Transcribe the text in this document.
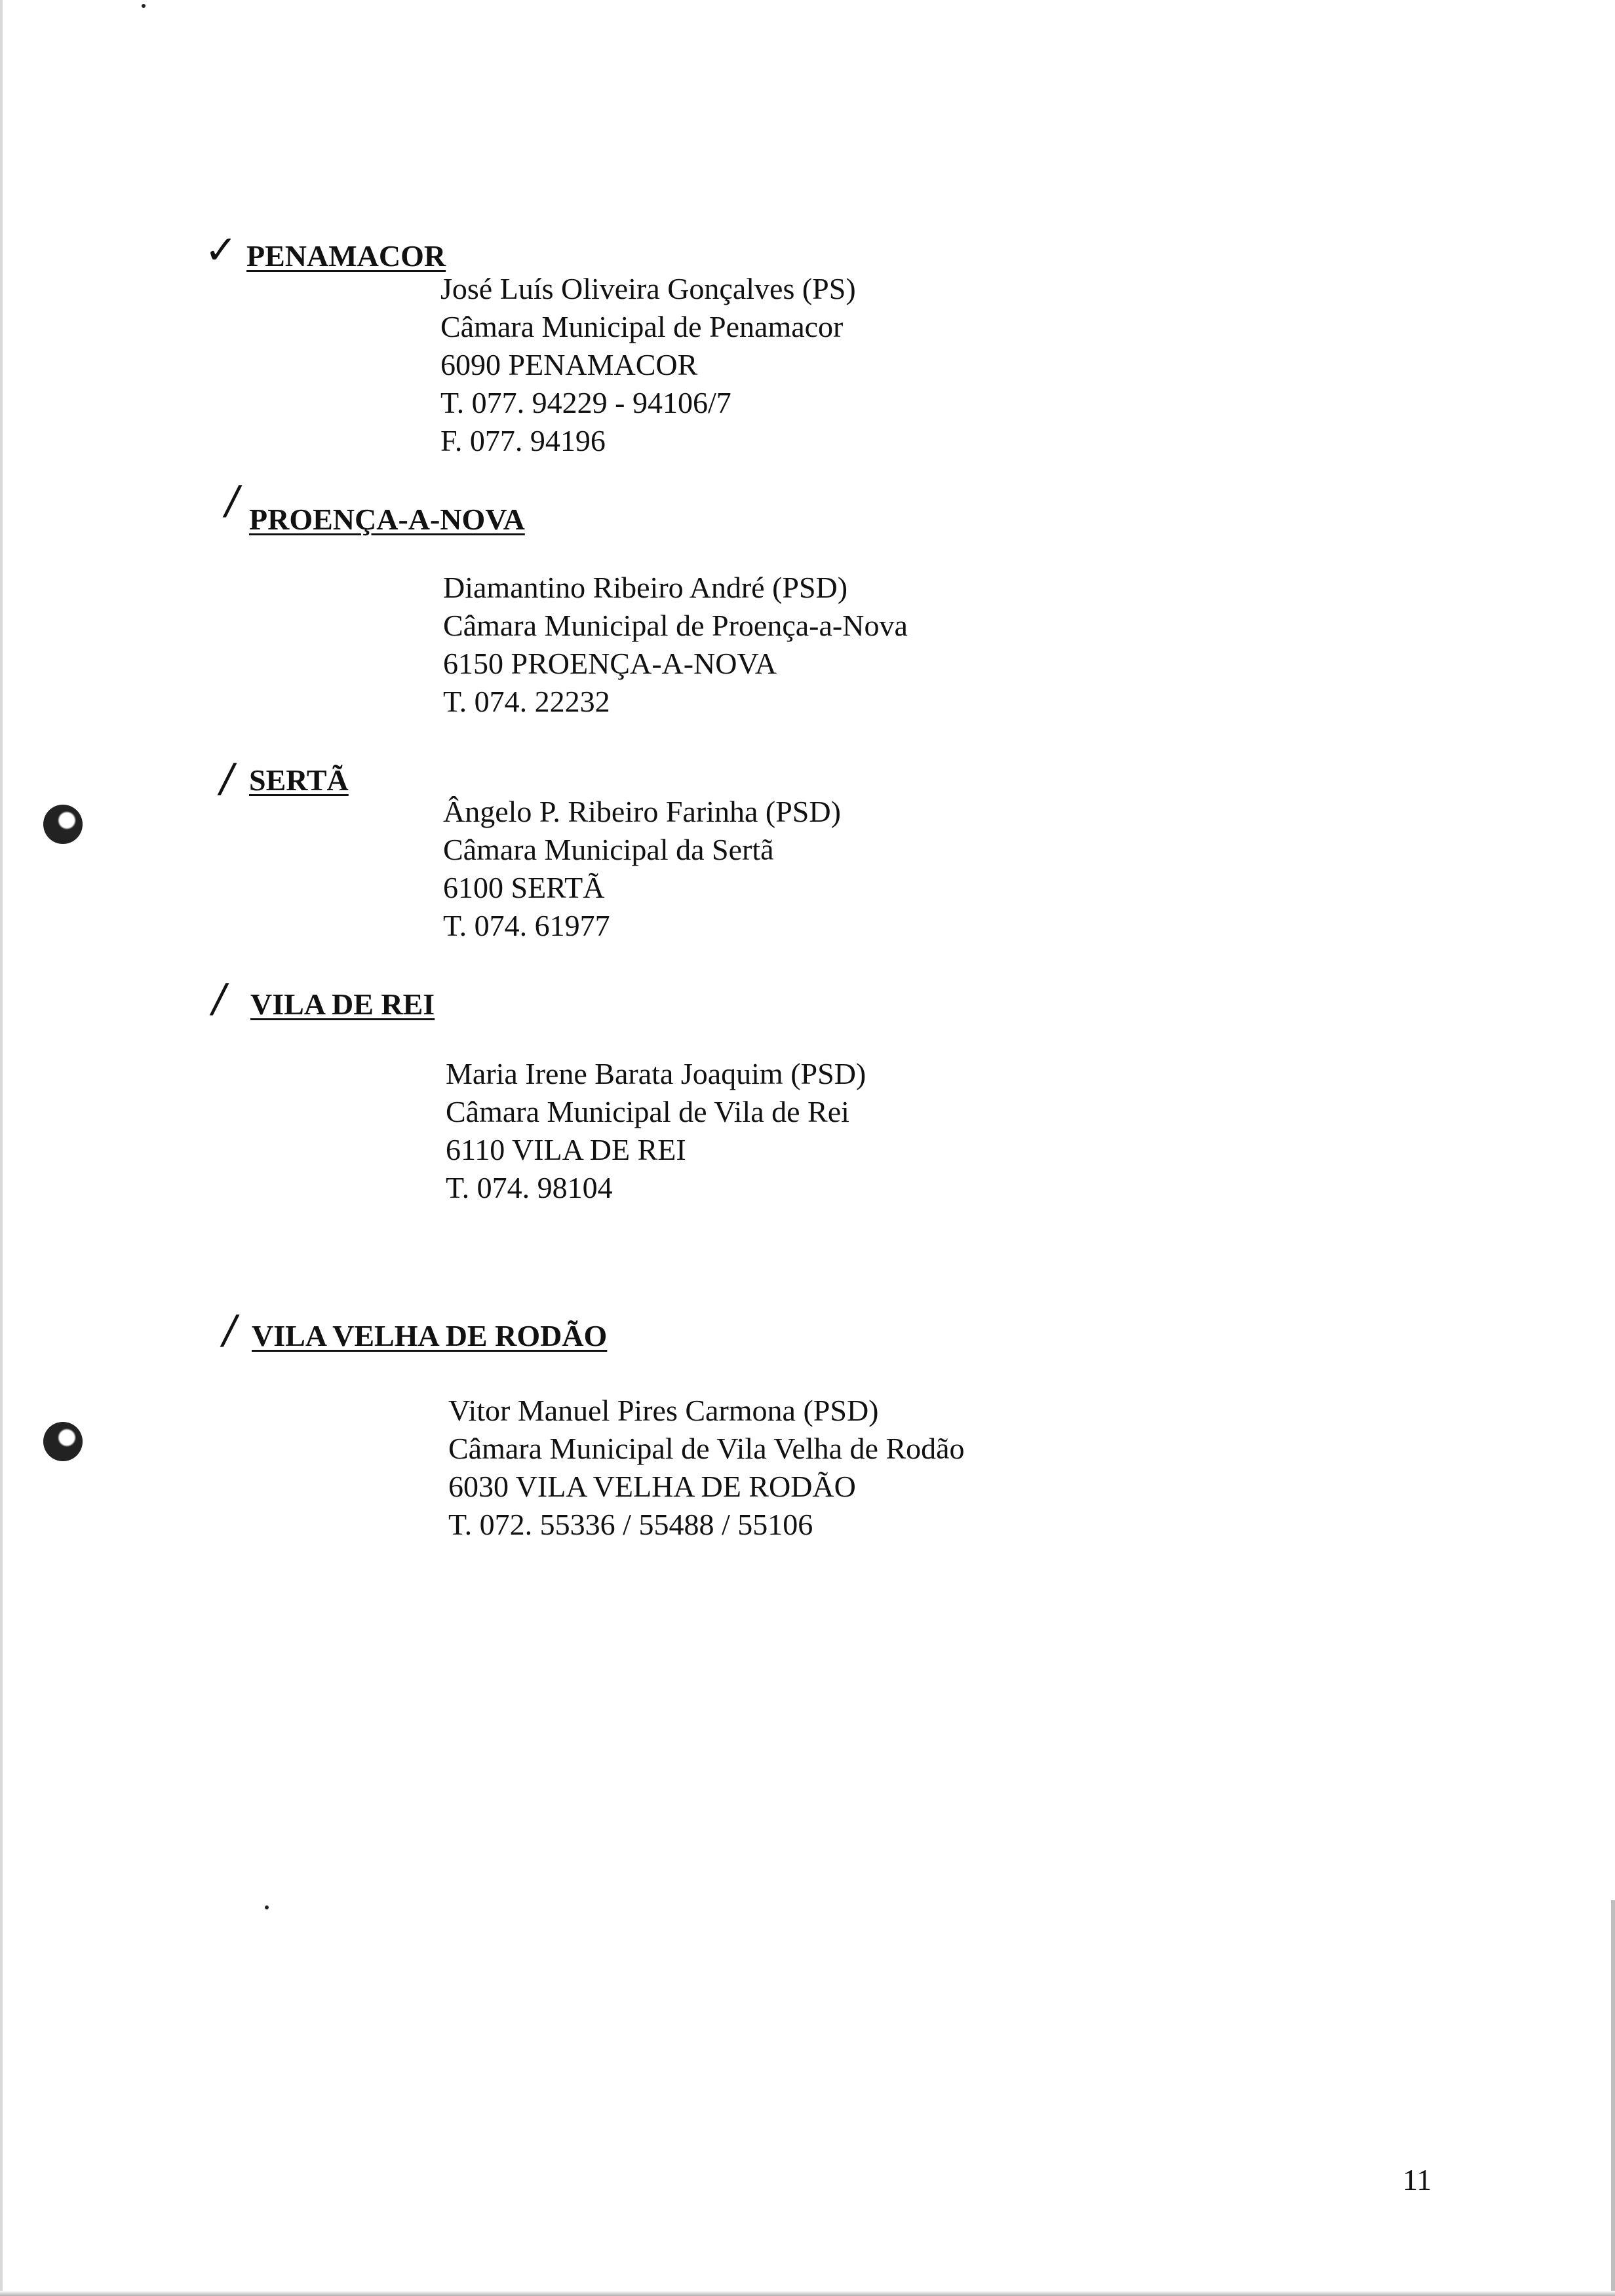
✓ PENAMACOR
José Luís Oliveira Gonçalves (PS)
Câmara Municipal de Penamacor
6090 PENAMACOR
T. 077. 94229 - 94106/7
F. 077. 94196
/ PROENÇA-A-NOVA
Diamantino Ribeiro André (PSD)
Câmara Municipal de Proença-a-Nova
6150 PROENÇA-A-NOVA
T. 074. 22232
/ SERTÃ
Ângelo P. Ribeiro Farinha (PSD)
Câmara Municipal da Sertã
6100 SERTÃ
T. 074. 61977
/ VILA DE REI
Maria Irene Barata Joaquim (PSD)
Câmara Municipal de Vila de Rei
6110 VILA DE REI
T. 074. 98104
/ VILA VELHA DE RODÃO
Vitor Manuel Pires Carmona (PSD)
Câmara Municipal de Vila Velha de Rodão
6030 VILA VELHA DE RODÃO
T. 072. 55336 / 55488 / 55106
11
